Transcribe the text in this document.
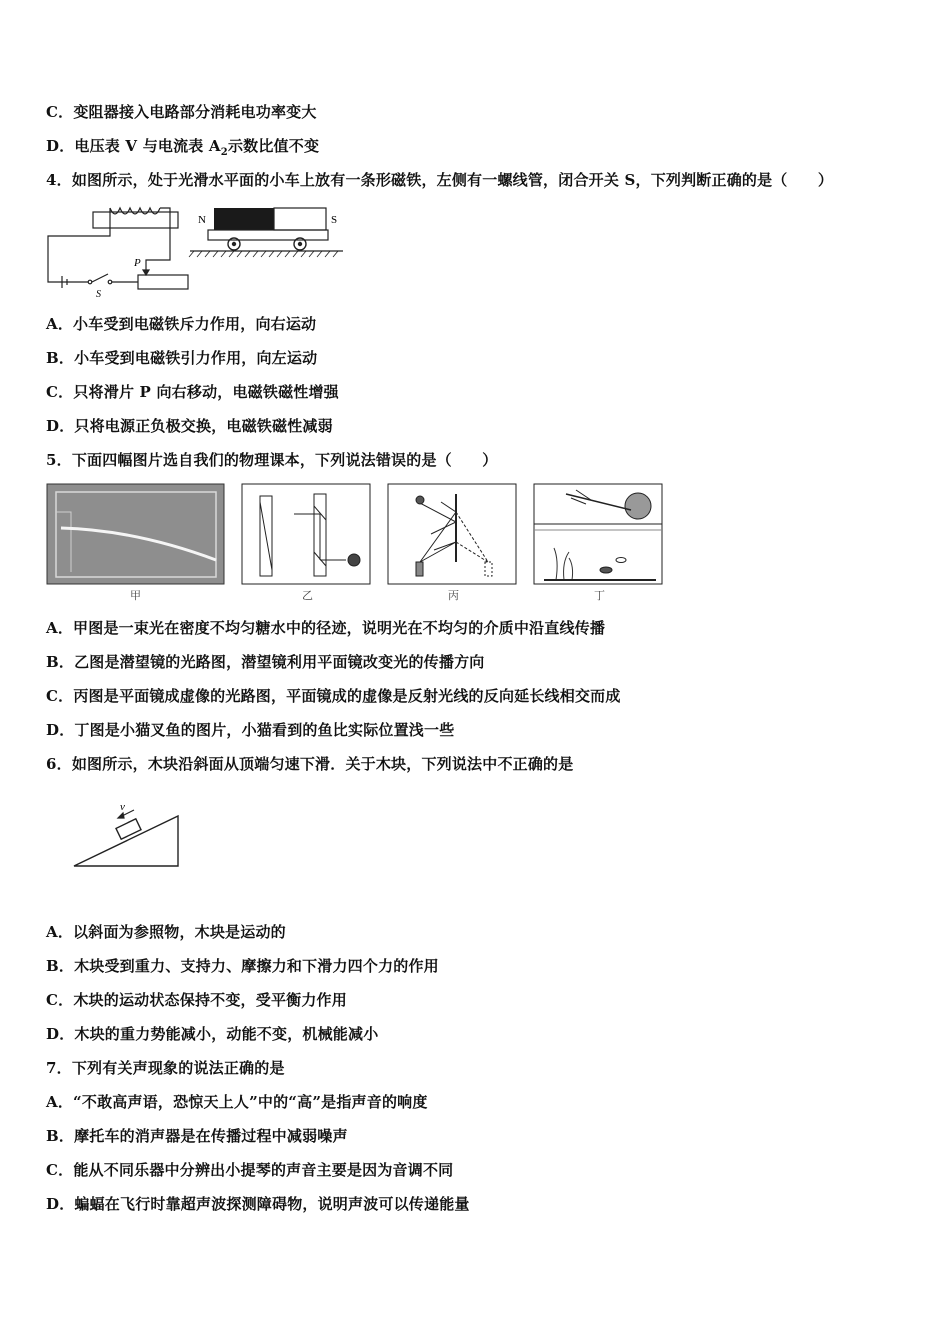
C．变阻器接入电路部分消耗电功率变大
D．电压表 V 与电流表 $A_2$示数比值不变
4．如图所示，处于光滑水平面的小车上放有一条形磁铁，左侧有一螺线管，闭合开关 S，下列判断正确的是（　　）
S
P
N	S
A．小车受到电磁铁斥力作用，向右运动
B．小车受到电磁铁引力作用，向左运动
C．只将滑片 P 向右移动，电磁铁磁性增强
D．只将电源正负极交换，电磁铁磁性减弱
5．下面四幅图片选自我们的物理课本，下列说法错误的是（　　）
甲	乙	丙	丁
A．甲图是一束光在密度不均匀糖水中的径迹，说明光在不均匀的介质中沿直线传播
B．乙图是潜望镜的光路图，潜望镜利用平面镜改变光的传播方向
C．丙图是平面镜成虚像的光路图，平面镜成的虚像是反射光线的反向延长线相交而成
D．丁图是小猫叉鱼的图片，小猫看到的鱼比实际位置浅一些
6．如图所示，木块沿斜面从顶端匀速下滑．关于木块，下列说法中不正确的是
v
A．以斜面为参照物，木块是运动的
B．木块受到重力、支持力、摩擦力和下滑力四个力的作用
C．木块的运动状态保持不变，受平衡力作用
D．木块的重力势能减小，动能不变，机械能减小
7．下列有关声现象的说法正确的是
A．“不敢高声语，恐惊天上人”中的“高”是指声音的响度
B．摩托车的消声器是在传播过程中减弱噪声
C．能从不同乐器中分辨出小提琴的声音主要是因为音调不同
D．蝙蝠在飞行时靠超声波探测障碍物，说明声波可以传递能量
